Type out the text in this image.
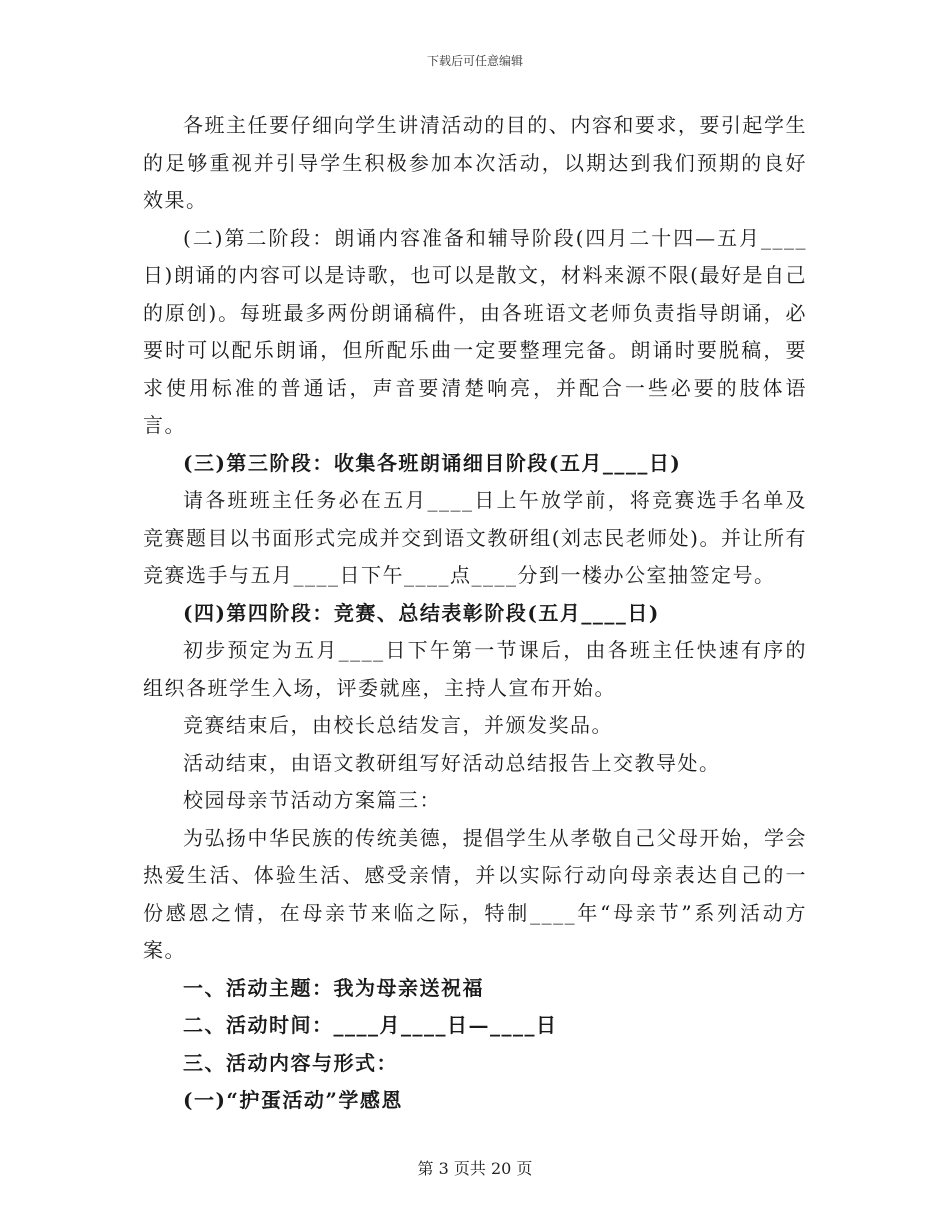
下载后可任意编辑

各班主任要仔细向学生讲清活动的目的、内容和要求，要引起学生的足够重视并引导学生积极参加本次活动，以期达到我们预期的良好效果。

(二)第二阶段：朗诵内容准备和辅导阶段(四月二十四—五月____日)朗诵的内容可以是诗歌，也可以是散文，材料来源不限(最好是自己的原创)。每班最多两份朗诵稿件，由各班语文老师负责指导朗诵，必要时可以配乐朗诵，但所配乐曲一定要整理完备。朗诵时要脱稿，要求使用标准的普通话，声音要清楚响亮，并配合一些必要的肢体语言。

(三)第三阶段：收集各班朗诵细目阶段(五月____日)

请各班班主任务必在五月____日上午放学前，将竞赛选手名单及竞赛题目以书面形式完成并交到语文教研组(刘志民老师处)。并让所有竞赛选手与五月____日下午____点____分到一楼办公室抽签定号。

(四)第四阶段：竞赛、总结表彰阶段(五月____日)

初步预定为五月____日下午第一节课后，由各班主任快速有序的组织各班学生入场，评委就座，主持人宣布开始。

竞赛结束后，由校长总结发言，并颁发奖品。

活动结束，由语文教研组写好活动总结报告上交教导处。

校园母亲节活动方案篇三：

为弘扬中华民族的传统美德，提倡学生从孝敬自己父母开始，学会热爱生活、体验生活、感受亲情，并以实际行动向母亲表达自己的一份感恩之情，在母亲节来临之际，特制____年“母亲节”系列活动方案。

一、活动主题：我为母亲送祝福

二、活动时间：____月____日—____日

三、活动内容与形式：

(一)“护蛋活动”学感恩

第 3 页共 20 页
